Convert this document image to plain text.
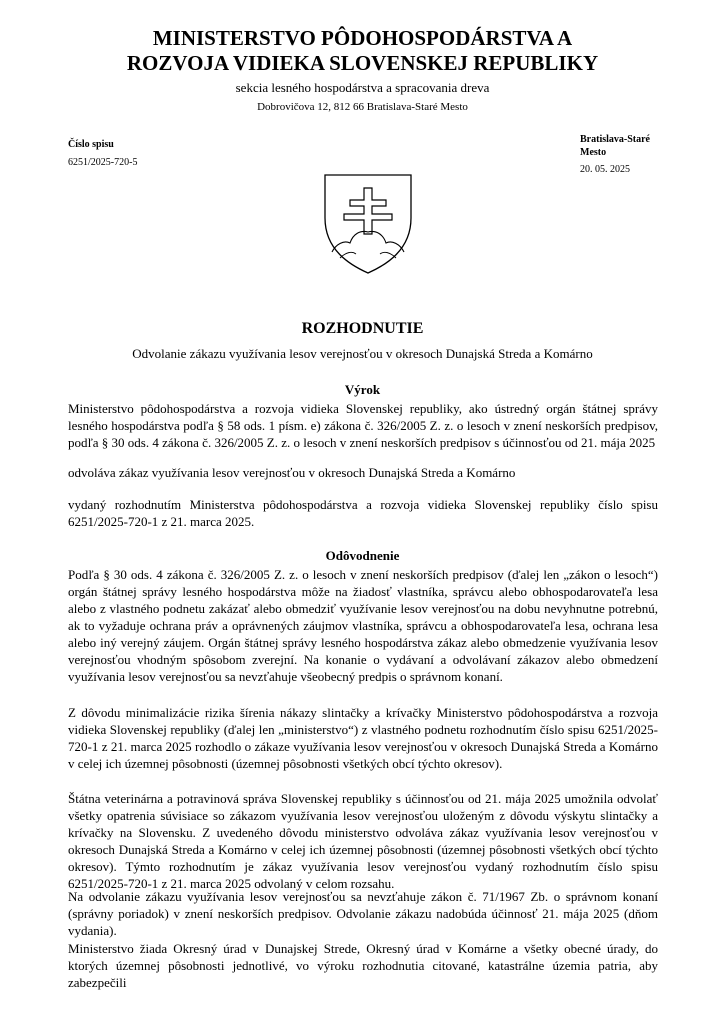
MINISTERSTVO PÔDOHOSPODÁRSTVA A
ROZVOJA VIDIEKA SLOVENSKEJ REPUBLIKY
sekcia lesného hospodárstva a spracovania dreva
Dobrovičova 12, 812 66 Bratislava-Staré Mesto
Číslo spisu
6251/2025-720-5
Bratislava-Staré
Mesto
20. 05. 2025
ROZHODNUTIE
Odvolanie zákazu využívania lesov verejnosťou v okresoch Dunajská Streda a Komárno
Výrok
Ministerstvo pôdohospodárstva a rozvoja vidieka Slovenskej republiky, ako ústredný orgán štátnej správy lesného hospodárstva podľa § 58 ods. 1 písm. e) zákona č. 326/2005 Z. z. o lesoch v znení neskorších predpisov, podľa § 30 ods. 4 zákona č. 326/2005 Z. z. o lesoch v znení neskorších predpisov s účinnosťou od 21. mája 2025
odvoláva zákaz využívania lesov verejnosťou v okresoch Dunajská Streda a Komárno
vydaný rozhodnutím Ministerstva pôdohospodárstva a rozvoja vidieka Slovenskej republiky číslo spisu 6251/2025-720-1 z 21. marca 2025.
Odôvodnenie
Podľa § 30 ods. 4 zákona č. 326/2005 Z. z. o lesoch v znení neskorších predpisov (ďalej len „zákon o lesoch“) orgán štátnej správy lesného hospodárstva môže na žiadosť vlastníka, správcu alebo obhospodarovateľa lesa alebo z vlastného podnetu zakázať alebo obmedziť využívanie lesov verejnosťou na dobu nevyhnutne potrebnú, ak to vyžaduje ochrana práv a oprávnených záujmov vlastníka, správcu a obhospodarovateľa lesa, ochrana lesa alebo iný verejný záujem. Orgán štátnej správy lesného hospodárstva zákaz alebo obmedzenie využívania lesov verejnosťou vhodným spôsobom zverejní. Na konanie o vydávaní a odvolávaní zákazov alebo obmedzení využívania lesov verejnosťou sa nevzťahuje všeobecný predpis o správnom konaní.
Z dôvodu minimalizácie rizika šírenia nákazy slintačky a krívačky Ministerstvo pôdohospodárstva a rozvoja vidieka Slovenskej republiky (ďalej len „ministerstvo“) z vlastného podnetu rozhodnutím číslo spisu 6251/2025-720-1 z 21. marca 2025 rozhodlo o zákaze využívania lesov verejnosťou v okresoch Dunajská Streda a Komárno v celej ich územnej pôsobnosti (územnej pôsobnosti všetkých obcí týchto okresov).
Štátna veterinárna a potravinová správa Slovenskej republiky s účinnosťou od 21. mája 2025 umožnila odvolať všetky opatrenia súvisiace so zákazom využívania lesov verejnosťou uloženým z dôvodu výskytu slintačky a krívačky na Slovensku. Z uvedeného dôvodu ministerstvo odvoláva zákaz využívania lesov verejnosťou v okresoch Dunajská Streda a Komárno v celej ich územnej pôsobnosti (územnej pôsobnosti všetkých obcí týchto okresov). Týmto rozhodnutím je zákaz využívania lesov verejnosťou vydaný rozhodnutím číslo spisu 6251/2025-720-1 z 21. marca 2025 odvolaný v celom rozsahu.
Na odvolanie zákazu využívania lesov verejnosťou sa nevzťahuje zákon č. 71/1967 Zb. o správnom konaní (správny poriadok) v znení neskorších predpisov. Odvolanie zákazu nadobúda účinnosť 21. mája 2025 (dňom vydania).
Ministerstvo žiada Okresný úrad v Dunajskej Strede, Okresný úrad v Komárne a všetky obecné úrady, do ktorých územnej pôsobnosti jednotlivé, vo výroku rozhodnutia citované, katastrálne územia patria, aby zabezpečili
